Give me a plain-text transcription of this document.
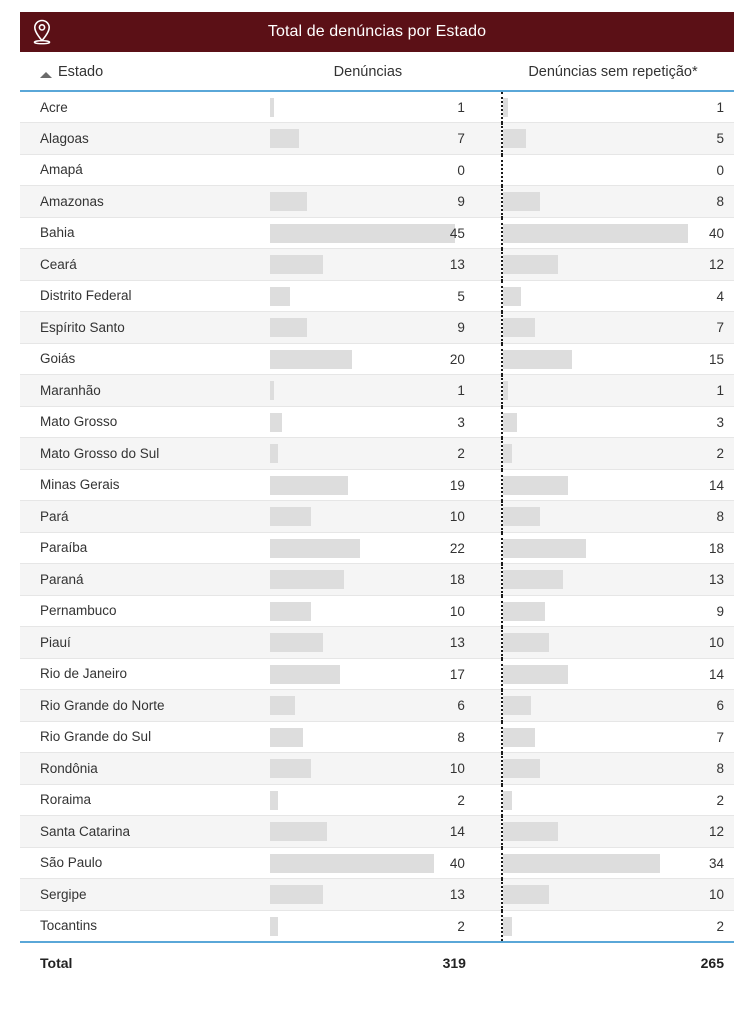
Total de denúncias por Estado
Estado	Denúncias	Denúncias sem repetição*
Acre	1	1

Alagoas	7	5

Amapá	0	0

Amazonas	9	8

Bahia	45	40

Ceará	13	12

Distrito Federal	5	4

Espírito Santo	9	7

Goiás	20	15

Maranhão	1	1

Mato Grosso	3	3

Mato Grosso do Sul	2	2

Minas Gerais	19	14

Pará	10	8

Paraíba	22	18

Paraná	18	13

Pernambuco	10	9

Piauí	13	10

Rio de Janeiro	17	14

Rio Grande do Norte	6	6

Rio Grande do Sul	8	7

Rondônia	10	8

Roraima	2	2

Santa Catarina	14	12

São Paulo	40	34

Sergipe	13	10

Tocantins	2	2

Total	319	265
